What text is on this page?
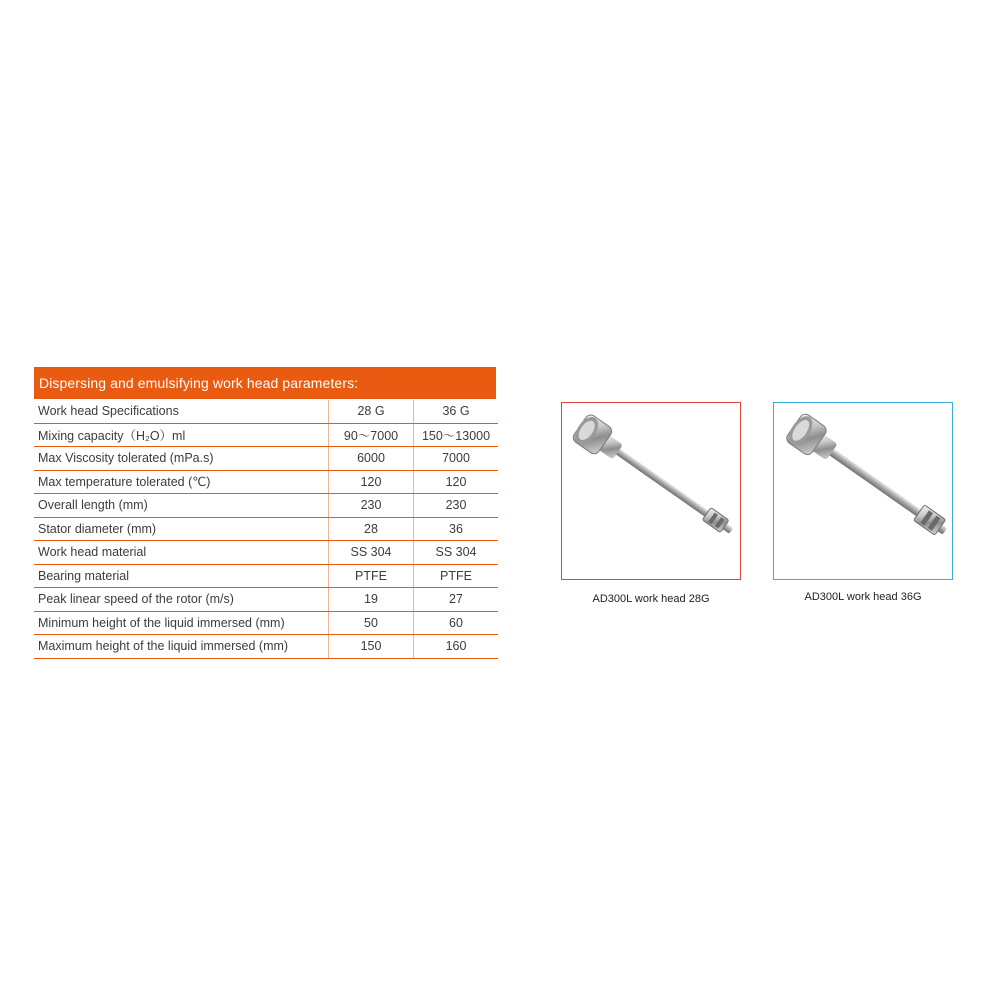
Dispersing and emulsifying work head parameters:
Work head Specifications	28 G	36 G
Mixing capacity（H₂O）ml	90～7000	150～13000
Max Viscosity tolerated (mPa.s)	6000	7000
Max temperature tolerated (℃)	120	120
Overall length (mm)	230	230
Stator diameter (mm)	28	36
Work head material	SS 304	SS 304
Bearing material	PTFE	PTFE
Peak linear speed of the rotor (m/s)	19	27
Minimum height of the liquid immersed (mm)	50	60
Maximum height of the liquid immersed (mm)	150	160
AD300L work head 28G	AD300L work head 36G
